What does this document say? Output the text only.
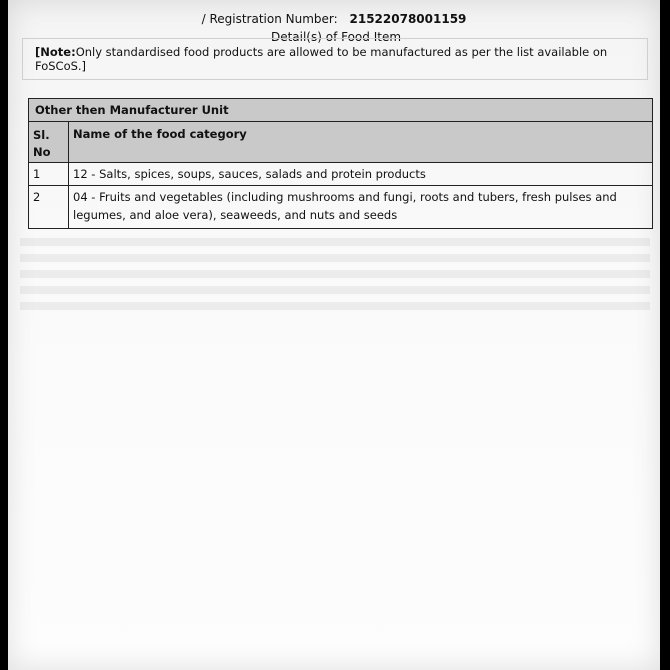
/ Registration Number: 21522078001159
Detail(s) of Food Item
[Note:Only standardised food products are allowed to be manufactured as per the list available on FoSCoS.]
Other then Manufacturer Unit
Sl.
No
Name of the food category
1	12 - Salts, spices, soups, sauces, salads and protein products
2	04 - Fruits and vegetables (including mushrooms and fungi, roots and tubers, fresh pulses and legumes, and aloe vera), seaweeds, and nuts and seeds
